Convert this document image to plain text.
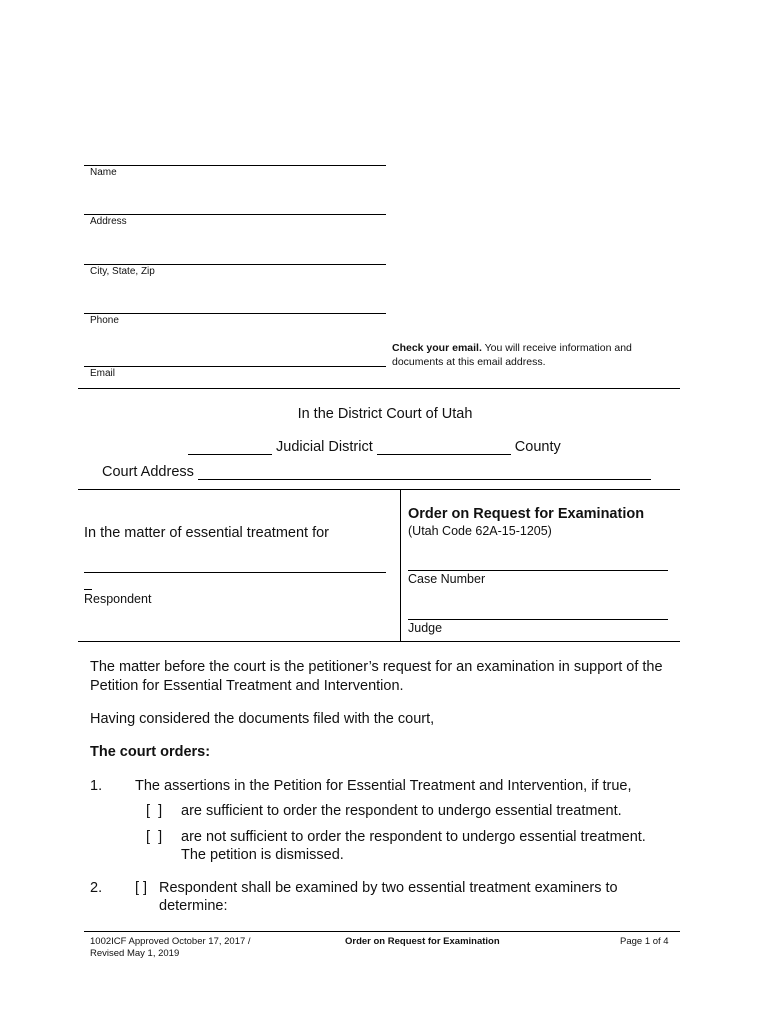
Name
Address
City, State, Zip
Phone
Email
Check your email. You will receive information and documents at this email address.
In the District Court of Utah
Judicial District	County
Court Address
In the matter of essential treatment for
Respondent
Order on Request for Examination
(Utah Code 62A-15-1205)
Case Number
Judge
The matter before the court is the petitioner’s request for an examination in support of the Petition for Essential Treatment and Intervention.
Having considered the documents filed with the court,
The court orders:
1. The assertions in the Petition for Essential Treatment and Intervention, if true,
[  ] are sufficient to order the respondent to undergo essential treatment.
[  ] are not sufficient to order the respondent to undergo essential treatment.
The petition is dismissed.
2. [ ] Respondent shall be examined by two essential treatment examiners to
determine:
1002ICF Approved October 17, 2017 /
Revised May 1, 2019
Order on Request for Examination	Page 1 of 4
